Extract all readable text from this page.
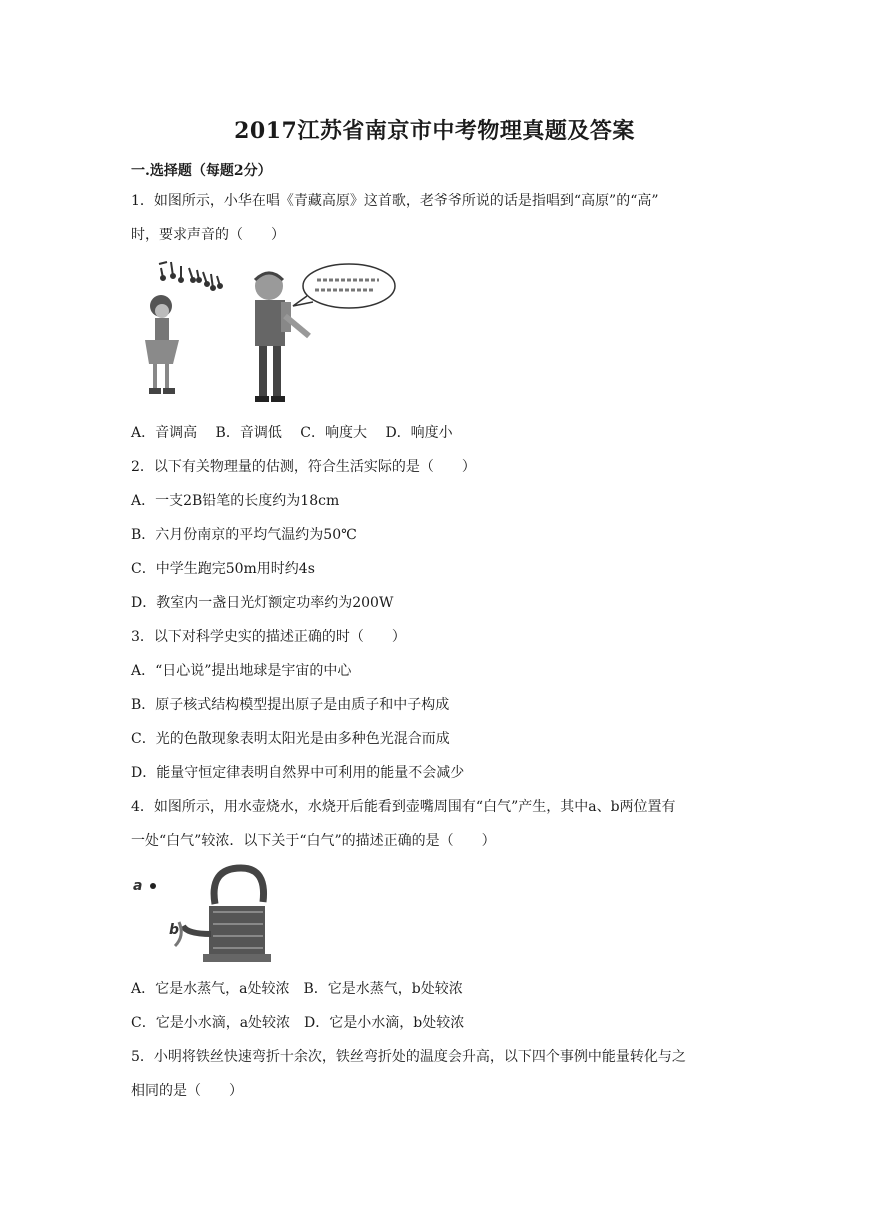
2017江苏省南京市中考物理真题及答案
一.选择题（每题2分）
1．如图所示，小华在唱《青藏高原》这首歌，老爷爷所说的话是指唱到“高原”的“高”
时，要求声音的（　　）
A．音调高　 B．音调低　 C．响度大　 D．响度小
2．以下有关物理量的估测，符合生活实际的是（　　）
A．一支2B铅笔的长度约为18cm
B．六月份南京的平均气温约为50℃
C．中学生跑完50m用时约4s
D．教室内一盏日光灯额定功率约为200W
3．以下对科学史实的描述正确的时（　　）
A．“日心说”提出地球是宇宙的中心
B．原子核式结构模型提出原子是由质子和中子构成
C．光的色散现象表明太阳光是由多种色光混合而成
D．能量守恒定律表明自然界中可利用的能量不会减少
4．如图所示，用水壶烧水，水烧开后能看到壶嘴周围有“白气”产生，其中a、b两位置有
一处“白气”较浓．以下关于“白气”的描述正确的是（　　）
a
b
A．它是水蒸气，a处较浓　B．它是水蒸气，b处较浓
C．它是小水滴，a处较浓　D．它是小水滴，b处较浓
5．小明将铁丝快速弯折十余次，铁丝弯折处的温度会升高，以下四个事例中能量转化与之
相同的是（　　）
